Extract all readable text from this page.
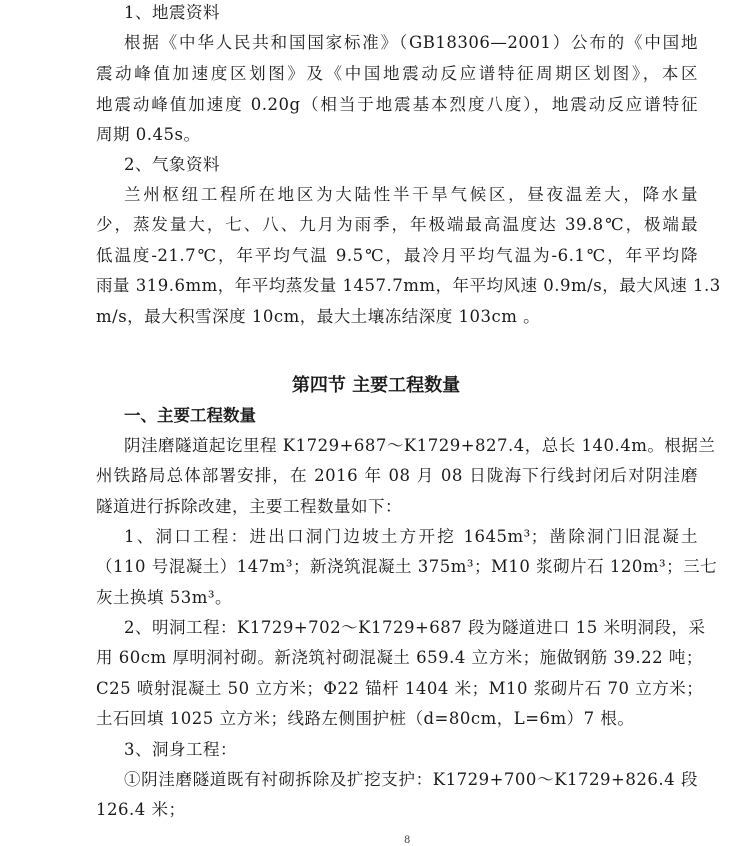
1、地震资料
根据《中华人民共和国国家标准》（GB18306—2001）公布的《中国地
震动峰值加速度区划图》及《中国地震动反应谱特征周期区划图》，本区
地震动峰值加速度 0.20g（相当于地震基本烈度八度），地震动反应谱特征
周期 0.45s。
2、气象资料
兰州枢纽工程所在地区为大陆性半干旱气候区，昼夜温差大，降水量
少，蒸发量大，七、八、九月为雨季，年极端最高温度达 39.8℃，极端最
低温度-21.7℃，年平均气温 9.5℃，最冷月平均气温为-6.1℃，年平均降
雨量 319.6mm，年平均蒸发量 1457.7mm，年平均风速 0.9m/s，最大风速 1.3
m/s，最大积雪深度 10cm，最大土壤冻结深度 103cm 。
第四节 主要工程数量
一、主要工程数量
阴洼磨隧道起讫里程 K1729+687～K1729+827.4，总长 140.4m。根据兰
州铁路局总体部署安排，在 2016 年 08 月 08 日陇海下行线封闭后对阴洼磨
隧道进行拆除改建，主要工程数量如下：
1、洞口工程：进出口洞门边坡土方开挖 1645m³；凿除洞门旧混凝土
（110 号混凝土）147m³；新浇筑混凝土 375m³；M10 浆砌片石 120m³；三七
灰土换填 53m³。
2、明洞工程：K1729+702～K1729+687 段为隧道进口 15 米明洞段，采
用 60cm 厚明洞衬砌。新浇筑衬砌混凝土 659.4 立方米；施做钢筋 39.22 吨；
C25 喷射混凝土 50 立方米；Φ22 锚杆 1404 米；M10 浆砌片石 70 立方米；
土石回填 1025 立方米；线路左侧围护桩（d=80cm，L=6m）7 根。
3、洞身工程：
①阴洼磨隧道既有衬砌拆除及扩挖支护：K1729+700～K1729+826.4 段
126.4 米；
8
